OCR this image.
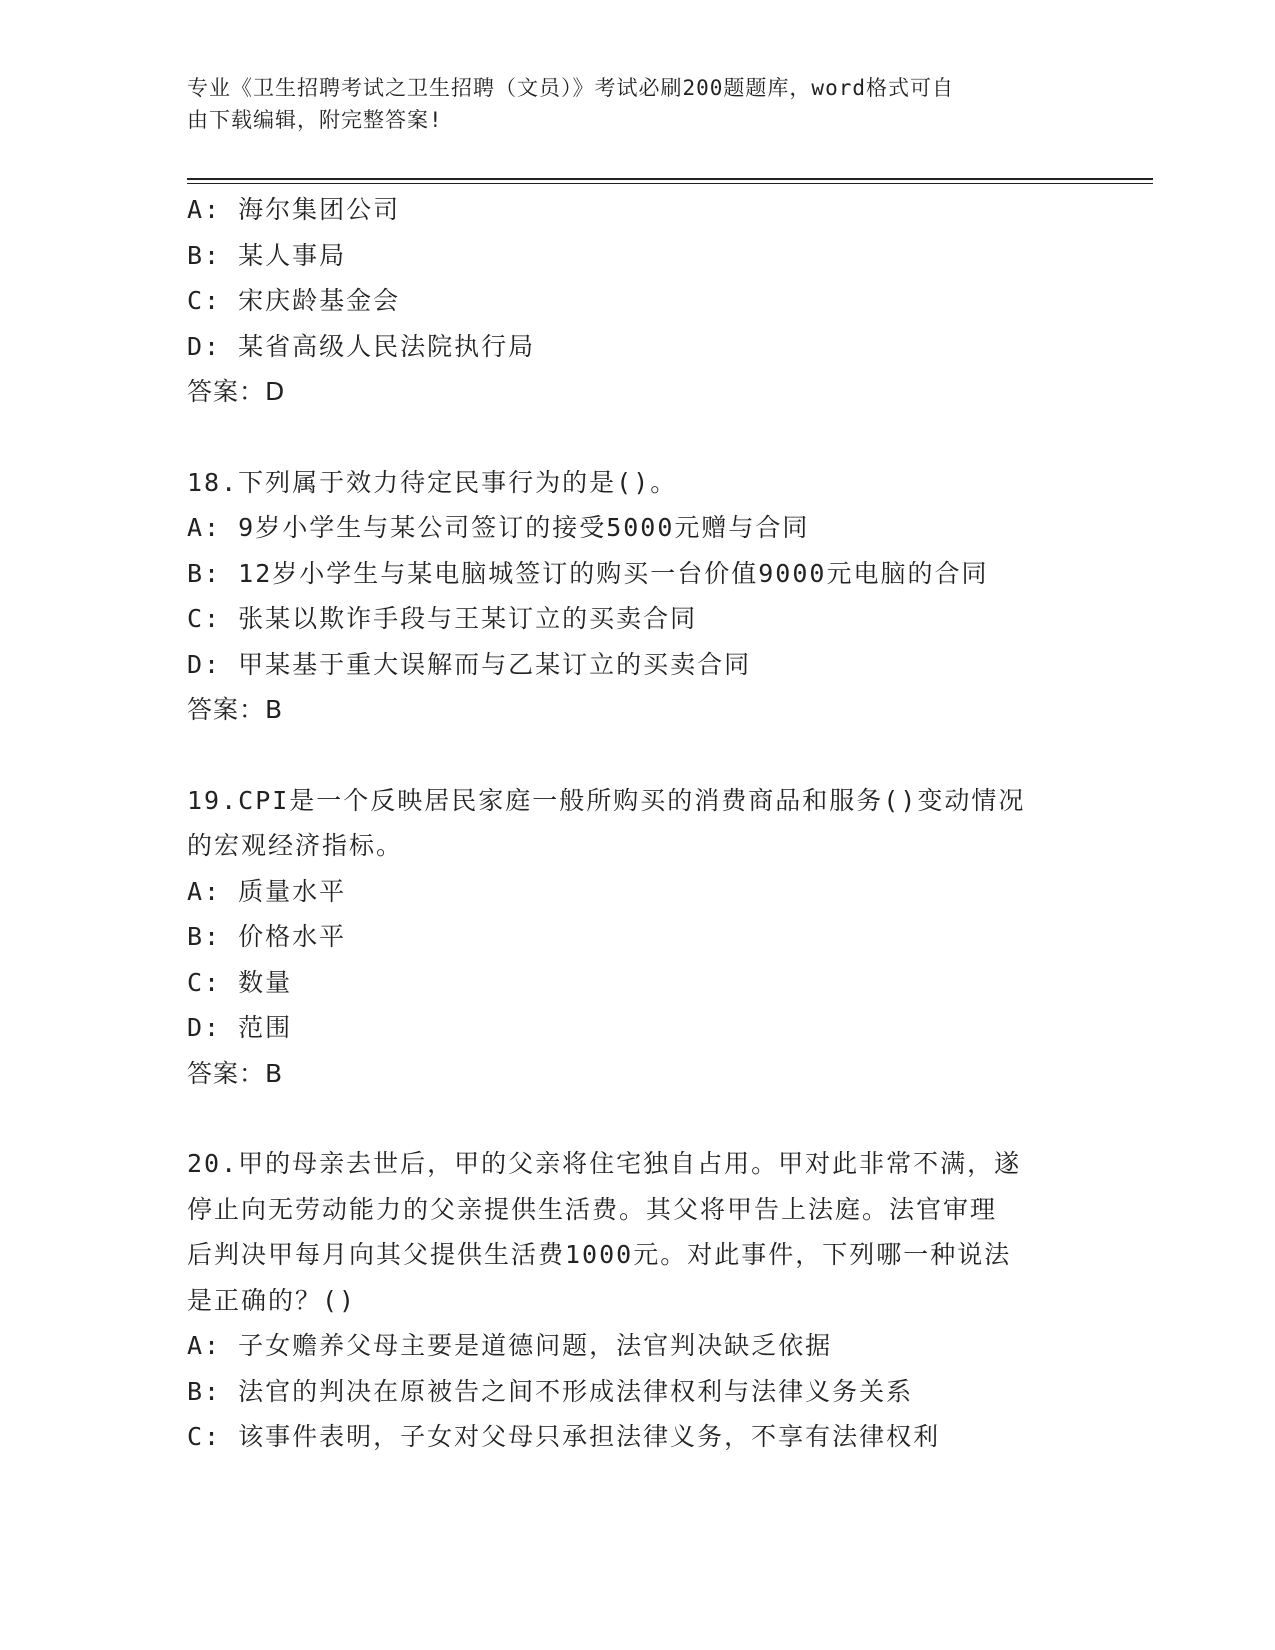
专业《卫生招聘考试之卫生招聘（文员）》考试必刷200题题库，word格式可自
由下载编辑，附完整答案!
A: 海尔集团公司
B: 某人事局
C: 宋庆龄基金会
D: 某省高级人民法院执行局
答案：D
18.下列属于效力待定民事行为的是()。
A: 9岁小学生与某公司签订的接受5000元赠与合同
B: 12岁小学生与某电脑城签订的购买一台价值9000元电脑的合同
C: 张某以欺诈手段与王某订立的买卖合同
D: 甲某基于重大误解而与乙某订立的买卖合同
答案：B
19.CPI是一个反映居民家庭一般所购买的消费商品和服务()变动情况
的宏观经济指标。
A: 质量水平
B: 价格水平
C: 数量
D: 范围
答案：B
20.甲的母亲去世后，甲的父亲将住宅独自占用。甲对此非常不满，遂
停止向无劳动能力的父亲提供生活费。其父将甲告上法庭。法官审理
后判决甲每月向其父提供生活费1000元。对此事件，下列哪一种说法
是正确的？()
A: 子女赡养父母主要是道德问题，法官判决缺乏依据
B: 法官的判决在原被告之间不形成法律权利与法律义务关系
C: 该事件表明，子女对父母只承担法律义务，不享有法律权利
